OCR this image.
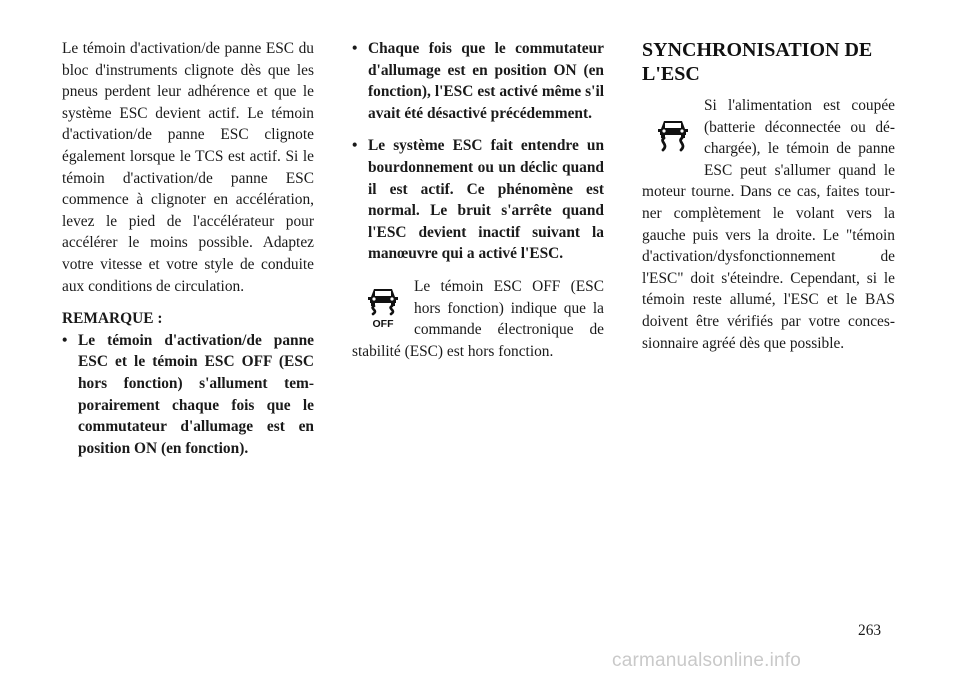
Le témoin d'activation/de panne ESC du bloc d'instruments clignote dès que les pneus perdent leur adhérence et que le système ESC devient actif. Le témoin d'activation/de panne ESC clignote également lorsque le TCS est actif. Si le témoin d'activation/de panne ESC commence à clignoter en accélération, levez le pied de l'accélérateur pour accélérer le moins possible. Adaptez votre vitesse et votre style de conduite aux conditions de circulation.

REMARQUE :

• Le témoin d'activation/de panne ESC et le témoin ESC OFF (ESC hors fonction) s'allument temporairement chaque fois que le commutateur d'allumage est en position ON (en fonction).
• Chaque fois que le commutateur d'allumage est en position ON (en fonction), l'ESC est activé même s'il avait été désactivé précédemment.
• Le système ESC fait entendre un bourdonnement ou un déclic quand il est actif. Ce phénomène est normal. Le bruit s'arrête quand l'ESC devient inactif suivant la manœuvre qui a activé l'ESC.
OFF

Le témoin ESC OFF (ESC hors fonction) indique que la commande électronique de stabilité (ESC) est hors fonction.

SYNCHRONISATION DE
L'ESC

Si l'alimentation est coupée (batterie déconnectée ou déchargée), le témoin de panne ESC peut s'allumer quand le moteur tourne. Dans ce cas, faites tourner complètement le volant vers la gauche puis vers la droite. Le "témoin d'activation/dysfonctionnement de l'ESC" doit s'éteindre. Cependant, si le témoin reste allumé, l'ESC et le BAS doivent être vérifiés par votre concessionnaire agréé dès que possible.

263
carmanualsonline.info
